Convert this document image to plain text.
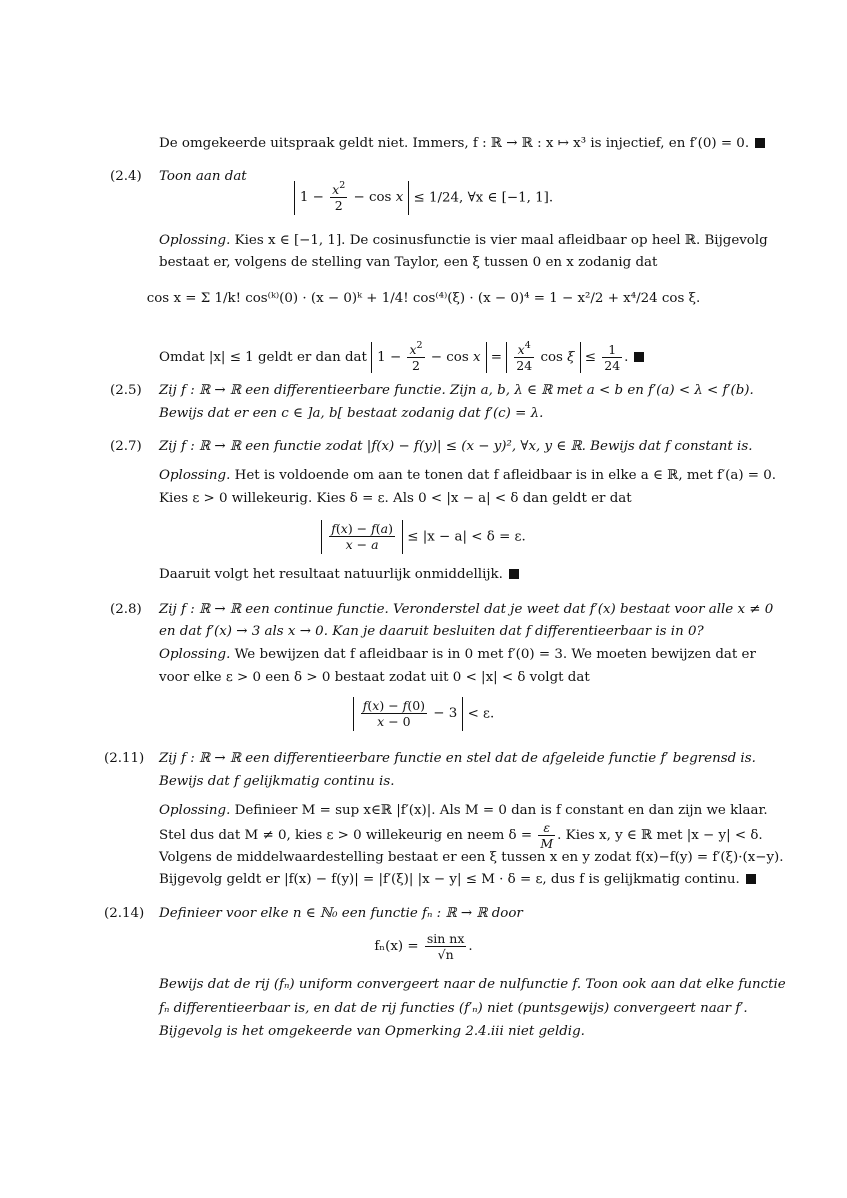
De omgekeerde uitspraak geldt niet. Immers, f : ℝ → ℝ : x ↦ x³ is injectief, en f′(0) = 0.
(2.4) Toon aan dat
$1 - \frac{x^2}{2} - \cos x \le 1/24$, ∀x ∈ [−1, 1].
Oplossing. Kies x ∈ [−1, 1]. De cosinusfunctie is vier maal afleidbaar op heel ℝ. Bijgevolg
bestaat er, volgens de stelling van Taylor, een ξ tussen 0 en x zodanig dat
cos x = Σ 1/k! cos⁽ᵏ⁾(0) · (x − 0)ᵏ + 1/4! cos⁽⁴⁾(ξ) · (x − 0)⁴ = 1 − x²/2 + x⁴/24 cos ξ.
Omdat |x| ≤ 1 geldt er dan dat $1 - \frac{x^2}{2} - \cos x = \frac{x^4}{24}$ $\cos \xi \le \frac{1}{24}$ .
(2.5) Zij f : ℝ → ℝ een differentieerbare functie. Zijn a, b, λ ∈ ℝ met a < b en f′(a) < λ < f′(b).
Bewijs dat er een c ∈ ]a, b[ bestaat zodanig dat f′(c) = λ.
(2.7) Zij f : ℝ → ℝ een functie zodat |f(x) − f(y)| ≤ (x − y)², ∀x, y ∈ ℝ. Bewijs dat f constant is.
Oplossing. Het is voldoende om aan te tonen dat f afleidbaar is in elke a ∈ ℝ, met f′(a) = 0.
Kies ε > 0 willekeurig. Kies δ = ε. Als 0 < |x − a| < δ dan geldt er dat
$\frac{f(x) - f(a)}{x - a} \le |x - a| < \delta = \varepsilon$.
Daaruit volgt het resultaat natuurlijk onmiddellijk.
(2.8) Zij f : ℝ → ℝ een continue functie. Veronderstel dat je weet dat f′(x) bestaat voor alle x ≠ 0
en dat f′(x) → 3 als x → 0. Kan je daaruit besluiten dat f differentieerbaar is in 0?
Oplossing. We bewijzen dat f afleidbaar is in 0 met f′(0) = 3. We moeten bewijzen dat er
voor elke ε > 0 een δ > 0 bestaat zodat uit 0 < |x| < δ volgt dat
$\frac{f(x) - f(0)}{x - 0} - 3 < \varepsilon$.
(2.11) Zij f : ℝ → ℝ een differentieerbare functie en stel dat de afgeleide functie f′ begrensd is.
Bewijs dat f gelijkmatig continu is.
Oplossing. Definieer M = sup x∈ℝ |f′(x)|. Als M = 0 dan is f constant en dan zijn we klaar.
Stel dus dat M ≠ 0, kies ε > 0 willekeurig en neem $\delta = \frac{\varepsilon}{M}$ . Kies x, y ∈ ℝ met |x − y| < δ.
Volgens de middelwaardestelling bestaat er een ξ tussen x en y zodat f(x)−f(y) = f′(ξ)·(x−y).
Bijgevolg geldt er |f(x) − f(y)| = |f′(ξ)| |x − y| ≤ M · δ = ε, dus f is gelijkmatig continu.
(2.14) Definieer voor elke n ∈ ℕ₀ een functie fₙ : ℝ → ℝ door
$f_n(x) = \frac{\text{sin nx}}{√n}$ .
Bewijs dat de rij (fₙ) uniform convergeert naar de nulfunctie f. Toon ook aan dat elke functie
fₙ differentieerbaar is, en dat de rij functies (f′ₙ) niet (puntsgewijs) convergeert naar f′.
Bijgevolg is het omgekeerde van Opmerking 2.4.iii niet geldig.
